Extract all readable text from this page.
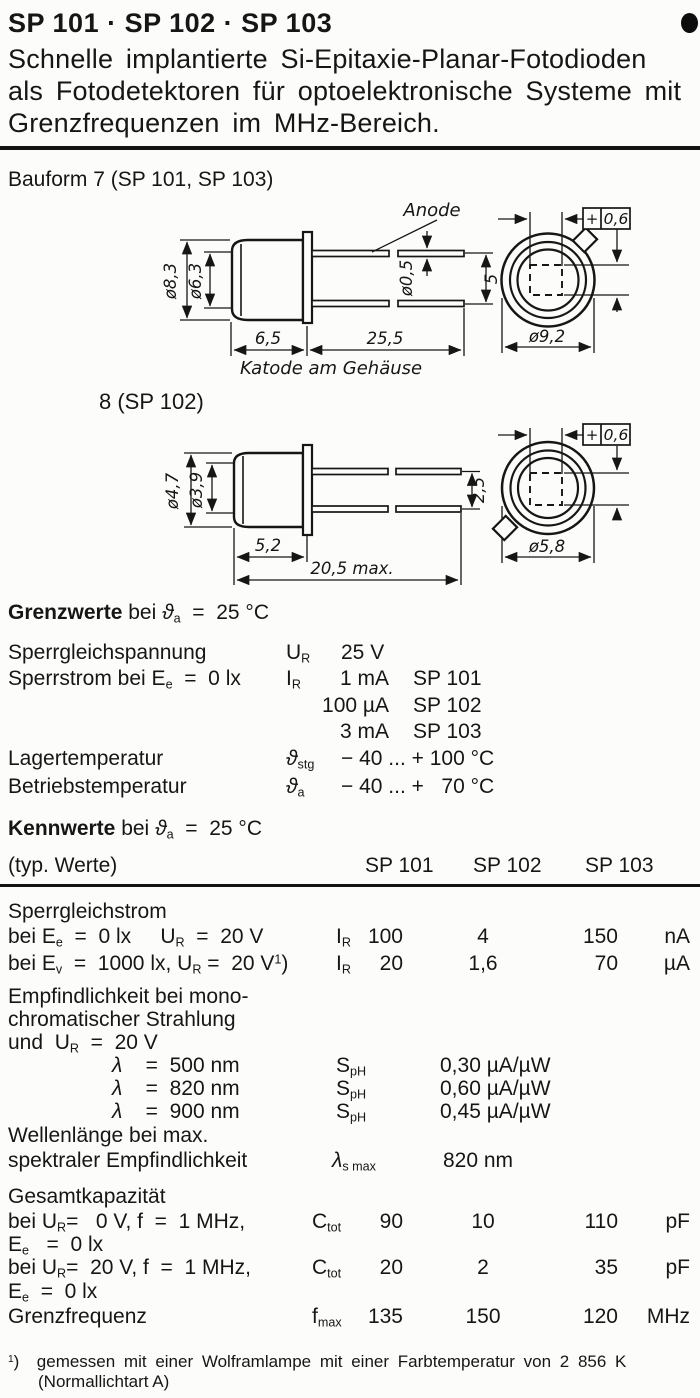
SP 101 · SP 102 · SP 103
Schnelle implantierte Si-Epitaxie-Planar-Fotodioden
als Fotodetektoren für optoelektronische Systeme mit
Grenzfrequenzen im MHz-Bereich.
Bauform 7 (SP 101, SP 103)
8 (SP 102)
ø8,3 ø6,3
Anode
ø0,5	5
6,5	25,5
Katode am Gehäuse
+ 0,6
ø9,2
ø4,7 ø3,9	2,5
5,2
20,5 max.
+ 0,6
ø5,8
Grenzwerte bei $ϑ_a = 25$ °C
Sperrgleichspannung	$U_R$ 25 V
Sperrstrom bei $E_e = 0$ lx $I_R$	1 mA SP 101
100 µA SP 102
3 mA SP 103
Lagertemperatur	$ϑ_{stg} - 40$ ... + 100 °C
Betriebstemperatur	$ϑ_a - 40$ ... +   70 °C
Kennwerte bei $ϑ_a = 25$ °C
(typ. Werte)	SP 101 SP 102 SP 103
Sperrgleichstrom
bei $E_e = 0$ lx     $U_R = 20$ V	$I_R$ 100	4	150	nA
bei $E_v = 1000$ lx, $U_R = 20$ $V^1$) $I_R$	20	1,6	70	µA
Empfindlichkeit bei mono-
chromatischer Strahlung
und  $U_R = 20$ V
λ    =  500 nm	$S_{pH}$	0,30 µA/µW
λ    =  820 nm	$S_{pH}$	0,60 µA/µW
λ    =  900 nm	$S_{pH}$	0,45 µA/µW
Wellenlänge bei max.
spektraler Empfindlichkeit	$\lambda_{s max}$	820 nm
Gesamtkapazität
bei $U_R= 0$ V, f  =  1 MHz,	$C_{tot}$	90	10	110	pF
$E_e = 0$ lx
bei $U_R= 20$ V, f  =  1 MHz,	$C_{tot}$	20	2	35	pF
$E_e = 0$ lx
Grenzfrequenz	$f_{max}$	135	150	120	MHz
$^1$)  gemessen mit einer Wolframlampe mit einer Farbtemperatur von 2 856 K
(Normallichtart A)
